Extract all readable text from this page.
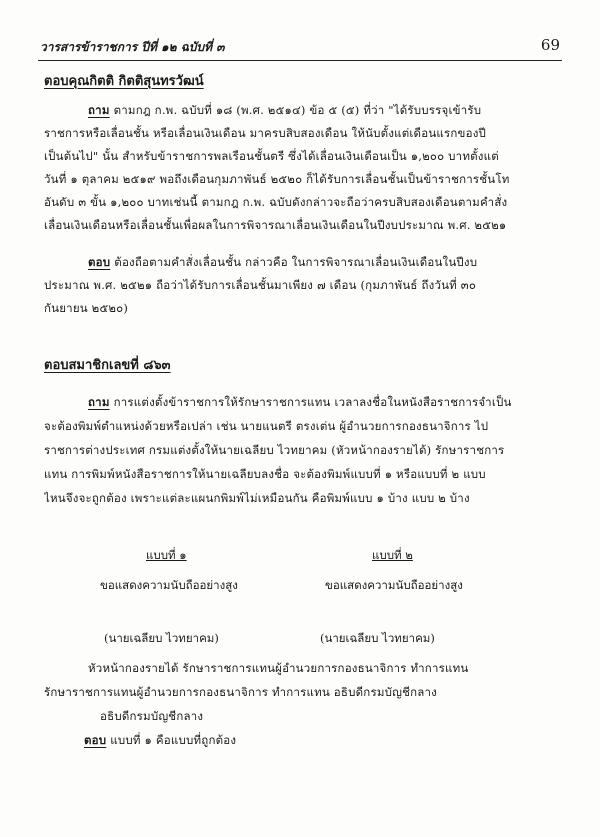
วารสารข้าราชการ ปีที่ ๑๒ ฉบับที่ ๓	69
ตอบคุณกิตติ กิตติสุนทรวัฒน์
ถาม ตามกฎ ก.พ. ฉบับที่ ๑๘ (พ.ศ. ๒๕๑๔) ข้อ ๕ (๕) ที่ว่า "ได้รับบรรจุเข้ารับ
ราชการหรือเลื่อนชั้น หรือเลื่อนเงินเดือน มาครบสิบสองเดือน ให้นับตั้งแต่เดือนแรกของปี
เป็นต้นไป" นั้น สำหรับข้าราชการพลเรือนชั้นตรี ซึ่งได้เลื่อนเงินเดือนเป็น ๑,๒๐๐ บาทตั้งแต่
วันที่ ๑ ตุลาคม ๒๕๑๙ พอถึงเดือนกุมภาพันธ์ ๒๕๒๐ ก็ได้รับการเลื่อนชั้นเป็นข้าราชการชั้นโท
อันดับ ๓ ขั้น ๑,๒๐๐ บาทเช่นนี้ ตามกฎ ก.พ. ฉบับดังกล่าวจะถือว่าครบสิบสองเดือนตามคำสั่ง
เลื่อนเงินเดือนหรือเลื่อนชั้นเพื่อผลในการพิจารณาเลื่อนเงินเดือนในปีงบประมาณ พ.ศ. ๒๕๒๑
ตอบ ต้องถือตามคำสั่งเลื่อนชั้น กล่าวคือ ในการพิจารณาเลื่อนเงินเดือนในปีงบ
ประมาณ พ.ศ. ๒๕๒๑ ถือว่าได้รับการเลื่อนชั้นมาเพียง ๗ เดือน (กุมภาพันธ์ ถึงวันที่ ๓๐
กันยายน ๒๕๒๐)
ตอบสมาชิกเลขที่ ๘๖๓
ถาม การแต่งตั้งข้าราชการให้รักษาราชการแทน เวลาลงชื่อในหนังสือราชการจำเป็น
จะต้องพิมพ์ตำแหน่งด้วยหรือเปล่า เช่น นายแนตรี ตรงเต่น ผู้อำนวยการกองธนาจิการ ไป
ราชการต่างประเทศ กรมแต่งตั้งให้นายเฉลียบ ไวทยาคม (หัวหน้ากองรายได้) รักษาราชการ
แทน การพิมพ์หนังสือราชการให้นายเฉลียบลงชื่อ จะต้องพิมพ์แบบที่ ๑ หรือแบบที่ ๒ แบบ
ไหนจึงจะถูกต้อง เพราะแต่ละแผนกพิมพ์ไม่เหมือนกัน คือพิมพ์แบบ ๑ บ้าง แบบ ๒ บ้าง
แบบที่ ๑	แบบที่ ๒
ขอแสดงความนับถืออย่างสูง	ขอแสดงความนับถืออย่างสูง
(นายเฉลียบ ไวทยาคม)	(นายเฉลียบ ไวทยาคม)
หัวหน้ากองรายได้ รักษาราชการแทนผู้อำนวยการกองธนาจิการ ทำการแทน
รักษาราชการแทนผู้อำนวยการกองธนาจิการ ทำการแทน อธิบดีกรมบัญชีกลาง
อธิบดีกรมบัญชีกลาง
ตอบ แบบที่ ๑ คือแบบที่ถูกต้อง
